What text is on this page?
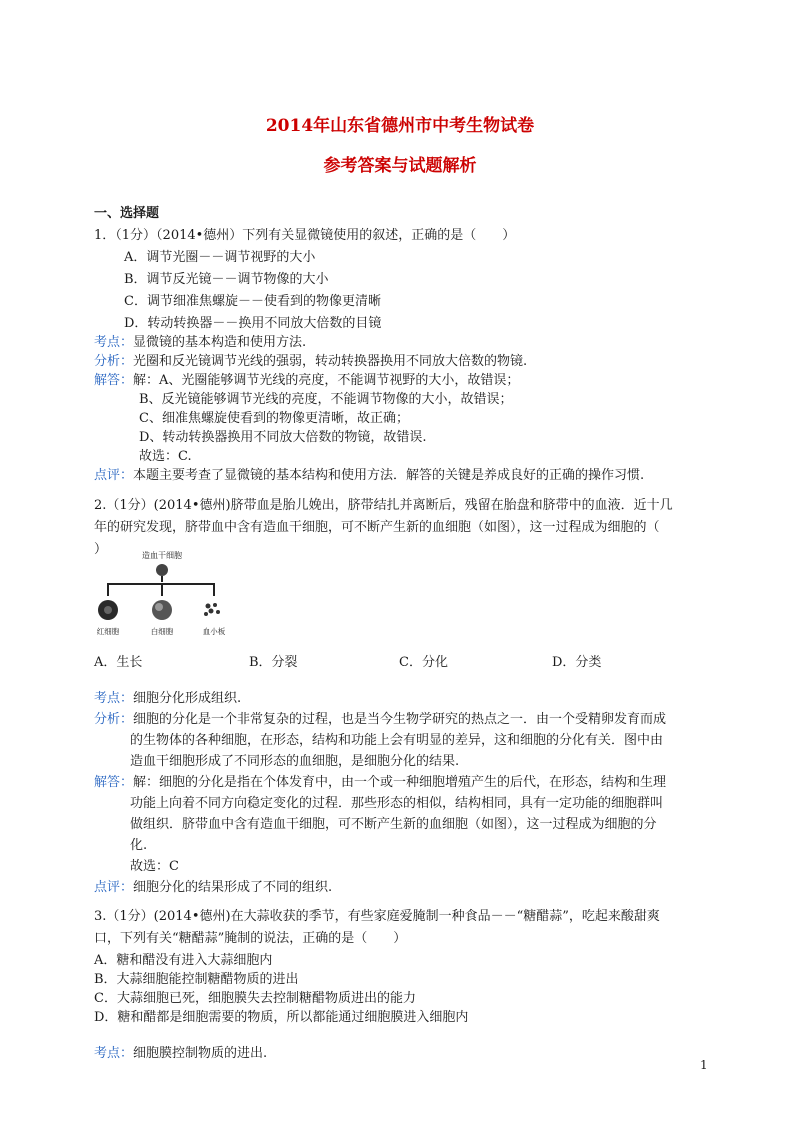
2014年山东省德州市中考生物试卷
参考答案与试题解析
一、选择题
1．（1分）（2014•德州）下列有关显微镜使用的叙述，正确的是（　　）
A．调节光圈－－调节视野的大小
B．调节反光镜－－调节物像的大小
C．调节细准焦螺旋－－使看到的物像更清晰
D．转动转换器－－换用不同放大倍数的目镜
考点：显微镜的基本构造和使用方法.
分析：光圈和反光镜调节光线的强弱，转动转换器换用不同放大倍数的物镜.
解答：解：A、光圈能够调节光线的亮度，不能调节视野的大小，故错误；
B、反光镜能够调节光线的亮度，不能调节物像的大小，故错误；
C、细准焦螺旋使看到的物像更清晰，故正确；
D、转动转换器换用不同放大倍数的物镜，故错误.
故选：C.
点评：本题主要考查了显微镜的基本结构和使用方法．解答的关键是养成良好的正确的操作习惯.
2.（1分）(2014•德州)脐带血是胎儿娩出，脐带结扎并离断后，残留在胎盘和脐带中的血液．近十几
年的研究发现，脐带血中含有造血干细胞，可不断产生新的血细胞（如图），这一过程成为细胞的（
）	造血干细胞
红细胞	白细胞	血小板
A．生长	B．分裂	C．分化	D．分类
考点：细胞分化形成组织.
分析：细胞的分化是一个非常复杂的过程，也是当今生物学研究的热点之一．由一个受精卵发育而成
的生物体的各种细胞，在形态，结构和功能上会有明显的差异，这和细胞的分化有关．图中由
造血干细胞形成了不同形态的血细胞，是细胞分化的结果.
解答：解：细胞的分化是指在个体发育中，由一个或一种细胞增殖产生的后代，在形态，结构和生理
功能上向着不同方向稳定变化的过程．那些形态的相似，结构相同，具有一定功能的细胞群叫
做组织．脐带血中含有造血干细胞，可不断产生新的血细胞（如图），这一过程成为细胞的分
化.
故选：C
点评：细胞分化的结果形成了不同的组织.
3.（1分）(2014•德州)在大蒜收获的季节，有些家庭爱腌制一种食品－－“糖醋蒜”，吃起来酸甜爽
口，下列有关“糖醋蒜”腌制的说法，正确的是（　　）
A．糖和醋没有进入大蒜细胞内
B．大蒜细胞能控制糖醋物质的进出
C．大蒜细胞已死，细胞膜失去控制糖醋物质进出的能力
D．糖和醋都是细胞需要的物质，所以都能通过细胞膜进入细胞内
考点：细胞膜控制物质的进出.
1
